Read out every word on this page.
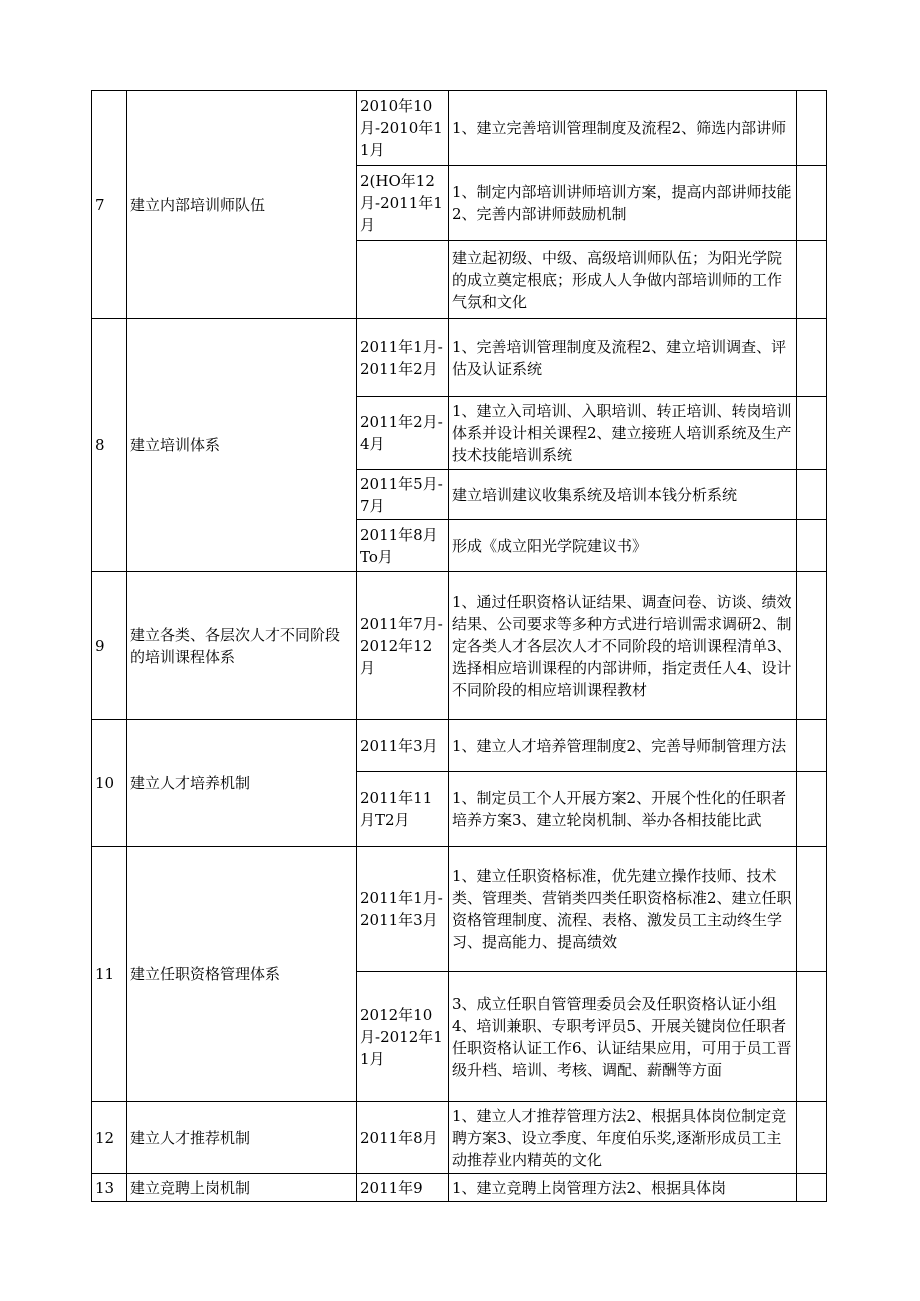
7	建立内部培训师队伍	2010年10月-2010年11月	1、建立完善培训管理制度及流程2、筛选内部讲师	
		2(HO年12月-2011年1月	1、制定内部培训讲师培训方案，提高内部讲师技能2、完善内部讲师鼓励机制	
			建立起初级、中级、高级培训师队伍；为阳光学院的成立奠定根底；形成人人争做内部培训师的工作气氛和文化	
8	建立培训体系	2011年1月-2011年2月	1、完善培训管理制度及流程2、建立培训调查、评估及认证系统	
		2011年2月-4月	1、建立入司培训、入职培训、转正培训、转岗培训体系并设计相关课程2、建立接班人培训系统及生产技术技能培训系统	
		2011年5月-7月	建立培训建议收集系统及培训本钱分析系统	
		2011年8月To月	形成《成立阳光学院建议书》	
9	建立各类、各层次人才不同阶段的培训课程体系	2011年7月-2012年12月	1、通过任职资格认证结果、调查问卷、访谈、绩效结果、公司要求等多种方式进行培训需求调研2、制定各类人才各层次人才不同阶段的培训课程清单3、选择相应培训课程的内部讲师，指定责任人4、设计不同阶段的相应培训课程教材	
10	建立人才培养机制	2011年3月	1、建立人才培养管理制度2、完善导师制管理方法	
		2011年11月T2月	1、制定员工个人开展方案2、开展个性化的任职者培养方案3、建立轮岗机制、举办各相技能比武	
11	建立任职资格管理体系	2011年1月-2011年3月	1、建立任职资格标准，优先建立操作技师、技术类、管理类、营销类四类任职资格标准2、建立任职资格管理制度、流程、表格、激发员工主动终生学习、提高能力、提高绩效	
		2012年10月-2012年11月	3、成立任职自管管理委员会及任职资格认证小组4、培训兼职、专职考评员5、开展关键岗位任职者任职资格认证工作6、认证结果应用，可用于员工晋级升档、培训、考核、调配、薪酬等方面	
12	建立人才推荐机制	2011年8月	1、建立人才推荐管理方法2、根据具体岗位制定竞聘方案3、设立季度、年度伯乐奖,逐渐形成员工主动推荐业内精英的文化	
13	建立竞聘上岗机制	2011年9	1、建立竞聘上岗管理方法2、根据具体岗	
